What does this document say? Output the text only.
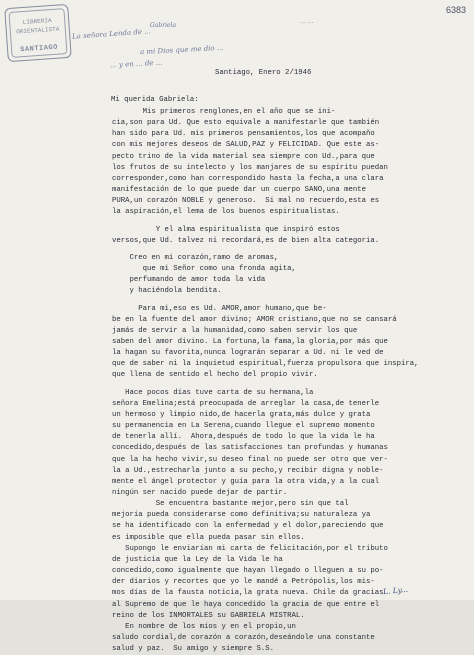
LIBRERIA ORIENTALISTA
SANTIAGO
6383
La señora Lenda de ...
a mi Dios que me dio ...
... y en ... de ...
Gabriela
... ...
Santiago, Enero 2/1946
Mi querida Gabriela:

Mis primeros renglones,en el año que se ini-
cia,son para Ud. Que esto equivale a manifestarle que también
han sido para Ud. mis primeros pensamientos,los que acompaño
con mis mejores deseos de SALUD,PAZ y FELICIDAD. Que este as-
pecto trino de la vida material sea siempre con Ud.,para que
los frutos de su intelecto y los manjares de su espíritu puedan
corresponder,como han correspondido hasta la fecha,a una clara
manifestación de lo que puede dar un cuerpo SANO,una mente
PURA,un corazón NOBLE y generoso.  Si mal no recuerdo,esta es
la aspiración,el lema de los buenos espiritualistas.

Y el alma espiritualista que inspiró estos
versos,que Ud. talvez ni recordará,es de bien alta categoria.

Creo en mi corazón,ramo de aromas,
que mi Señor como una fronda agita,
perfumando de amor toda la vida
y haciéndola bendita.

Para mi,eso es Ud. AMOR,amor humano,que be-
be en la fuente del amor divino; AMOR cristiano,que no se cansará
jamás de servir a la humanidad,como saben servir los que
saben del amor divino. La fortuna,la fama,la gloria,por más que
la hagan su favorita,nunca lograrán separar a Ud. ni le ved de
que de saber ni la inquietud espiritual,fuerza propulsora que inspira,
que llena de sentido el hecho del propio vivir.

Hace pocos días tuve carta de su hermana,la
señora Emelina;está preocupada de arreglar la casa,de tenerle
un hermoso y limpio nido,de hacerla grata,más dulce y grata
su permanencia en La Serena,cuando llegue el supremo momento
de tenerla allí.  Ahora,después de todo lo que la vida le ha
concedido,después de las satisfacciones tan profundas y humanas
que la ha hecho vivir,su deseo final no puede ser otro que ver-
la a Ud.,estrecharla junto a su pecho,y recibir digna y noble-
mente el ángel protector y guía para la otra vida,y a la cual
ningún ser nacido puede dejar de partir.

Se encuentra bastante mejor,pero sin que tal
mejoría pueda considerarse como definitiva;su naturaleza ya
se ha identificado con la enfermedad y el dolor,pareciendo que
es imposible que ella pueda pasar sin ellos.

Supongo le enviarían mi carta de felicitación,por el tributo
de justicia que la Ley de la Vida le ha
concedido,como igualmente que hayan llegado o lleguen a su po-
der diarios y recortes que yo le mandé a Petrópolis,los mis-
mos días de la fausta noticia,la grata nueva. Chile da gracias
al Supremo de que le haya concedido la gracia de que entre el
reino de los INMORTALES su GABRIELA MISTRAL.

En nombre de los míos y en el propio,un
saludo cordial,de corazón a corazón,deseándole una constante
salud y paz.  Su amigo y siempre S.S.

L. Ly...
